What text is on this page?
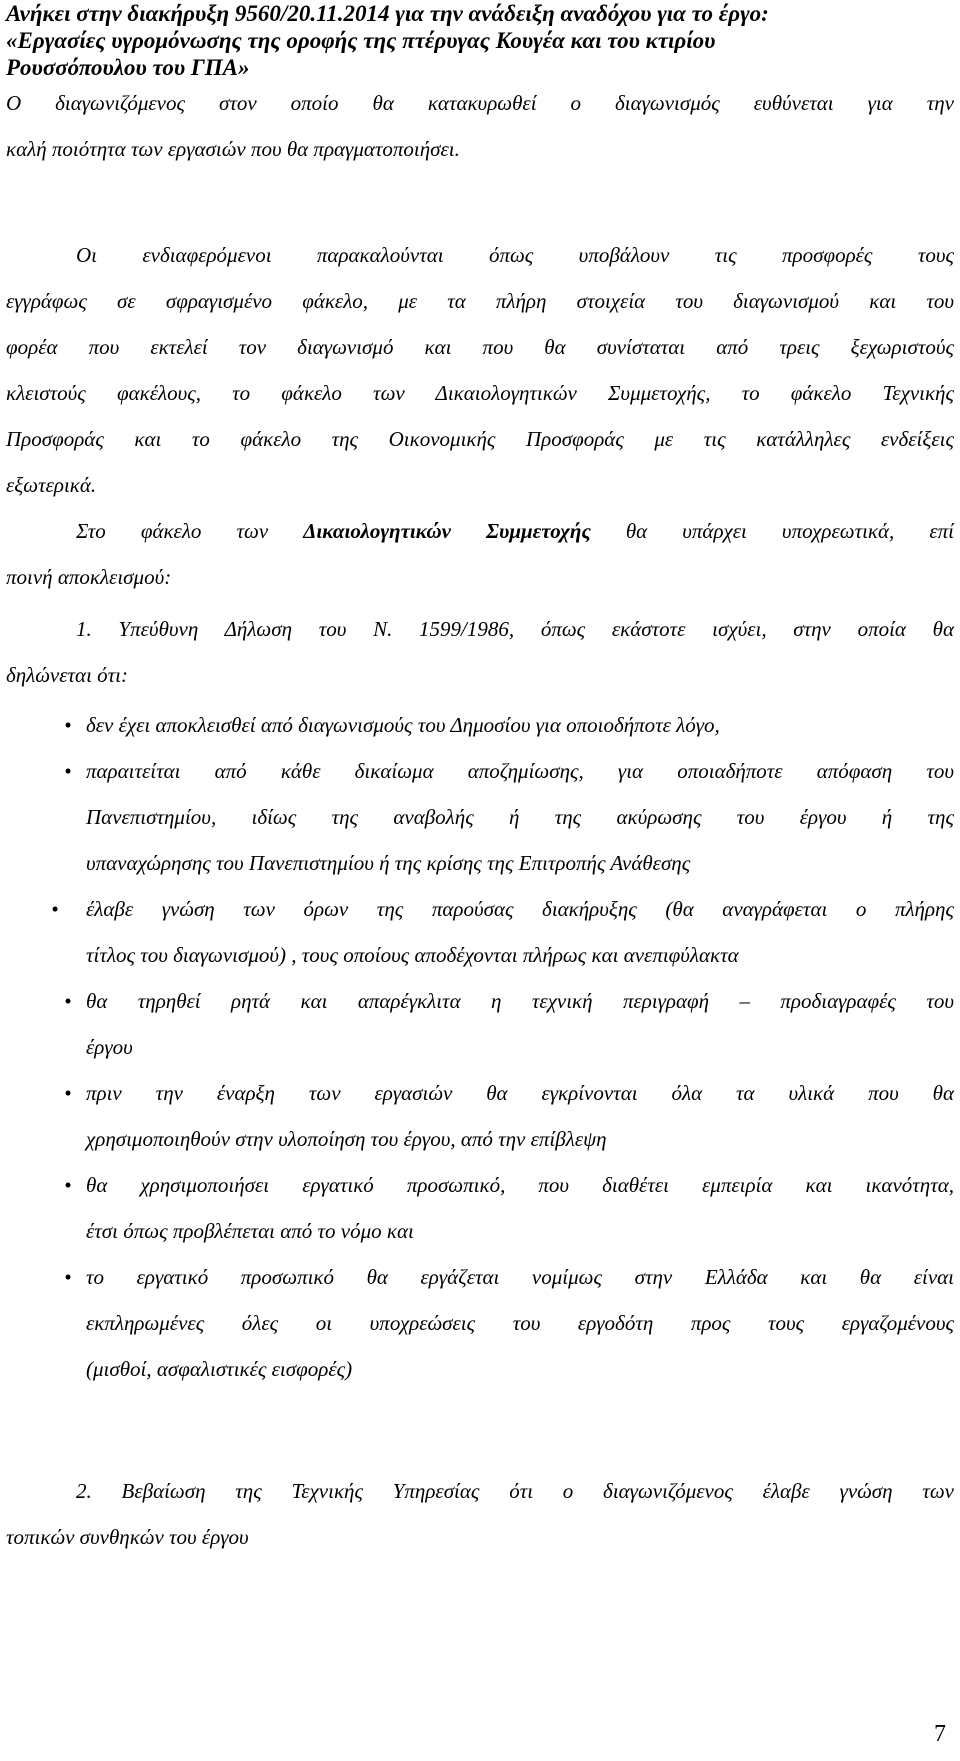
Ανήκει στην διακήρυξη 9560/20.11.2014 για την ανάδειξη αναδόχου για το έργο:
«Εργασίες υγρομόνωσης της οροφής της πτέρυγας Κουγέα και του κτιρίου
Ρουσσόπουλου του ΓΠΑ»
Ο διαγωνιζόμενος στον οποίο θα κατακυρωθεί ο διαγωνισμός ευθύνεται για την
καλή ποιότητα των εργασιών που θα πραγματοποιήσει.
Οι ενδιαφερόμενοι παρακαλούνται όπως υποβάλουν τις προσφορές τους
εγγράφως σε σφραγισμένο φάκελο, με τα πλήρη στοιχεία του διαγωνισμού και του
φορέα που εκτελεί τον διαγωνισμό και που θα συνίσταται από τρεις ξεχωριστούς
κλειστούς φακέλους, το φάκελο των Δικαιολογητικών Συμμετοχής, το φάκελο Τεχνικής
Προσφοράς και το φάκελο της Οικονομικής Προσφοράς με τις κατάλληλες ενδείξεις
εξωτερικά.
Στο φάκελο των Δικαιολογητικών Συμμετοχής θα υπάρχει υποχρεωτικά, επί
ποινή αποκλεισμού:
1. Υπεύθυνη Δήλωση του Ν. 1599/1986, όπως εκάστοτε ισχύει, στην οποία θα
δηλώνεται ότι:
• δεν έχει αποκλεισθεί από διαγωνισμούς του Δημοσίου για οποιοδήποτε λόγο,
• παραιτείται από κάθε δικαίωμα αποζημίωσης, για οποιαδήποτε απόφαση του
Πανεπιστημίου, ιδίως της αναβολής ή της ακύρωσης του έργου ή της
υπαναχώρησης του Πανεπιστημίου ή της κρίσης της Επιτροπής Ανάθεσης
• έλαβε γνώση των όρων της παρούσας διακήρυξης (θα αναγράφεται ο πλήρης
τίτλος του διαγωνισμού) , τους οποίους αποδέχονται πλήρως και ανεπιφύλακτα
• θα τηρηθεί ρητά και απαρέγκλιτα η τεχνική περιγραφή – προδιαγραφές του
έργου
• πριν την έναρξη των εργασιών θα εγκρίνονται όλα τα υλικά που θα
χρησιμοποιηθούν στην υλοποίηση του έργου, από την επίβλεψη
• θα χρησιμοποιήσει εργατικό προσωπικό, που διαθέτει εμπειρία και ικανότητα,
έτσι όπως προβλέπεται από το νόμο και
• το εργατικό προσωπικό θα εργάζεται νομίμως στην Ελλάδα και θα είναι
εκπληρωμένες όλες οι υποχρεώσεις του εργοδότη προς τους εργαζομένους
(μισθοί, ασφαλιστικές εισφορές)
2. Βεβαίωση της Τεχνικής Υπηρεσίας ότι ο διαγωνιζόμενος έλαβε γνώση των
τοπικών συνθηκών του έργου
7
